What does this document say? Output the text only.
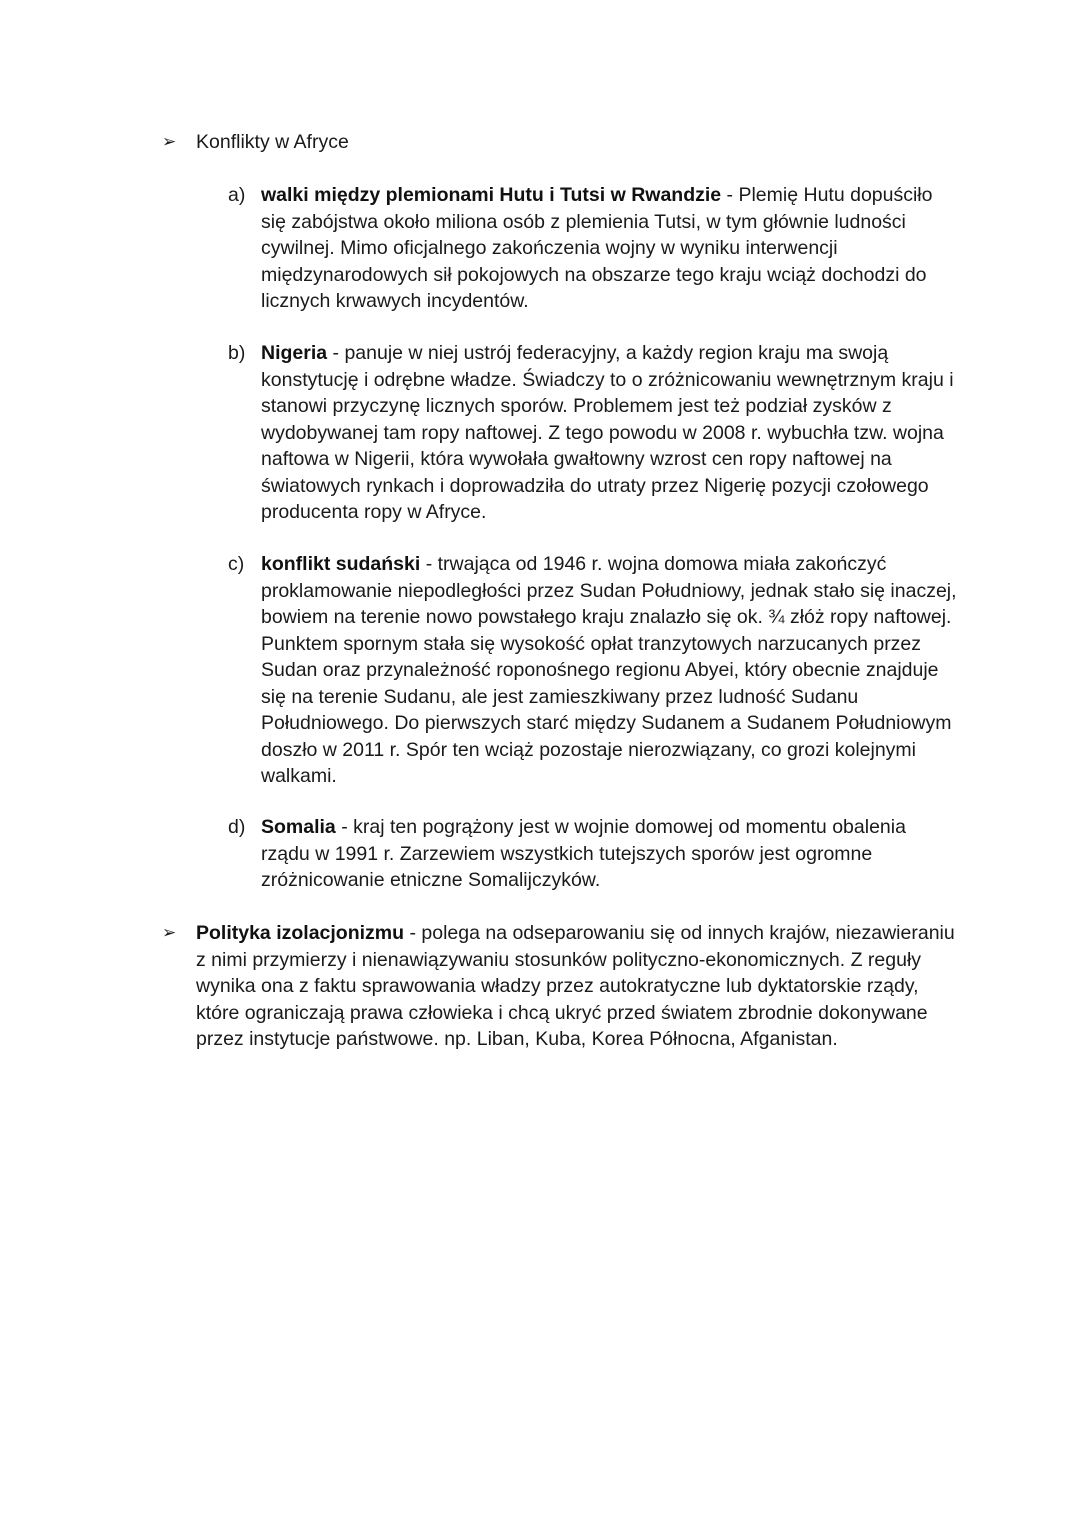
➢	Konflikty w Afryce
a) walki między plemionami Hutu i Tutsi w Rwandzie - Plemię Hutu dopuściło się zabójstwa około miliona osób z plemienia Tutsi, w tym głównie ludności cywilnej. Mimo oficjalnego zakończenia wojny w wyniku interwencji międzynarodowych sił pokojowych na obszarze tego kraju wciąż dochodzi do licznych krwawych incydentów.
b) Nigeria - panuje w niej ustrój federacyjny, a każdy region kraju ma swoją konstytucję i odrębne władze. Świadczy to o zróżnicowaniu wewnętrznym kraju i stanowi przyczynę licznych sporów. Problemem jest też podział zysków z wydobywanej tam ropy naftowej. Z tego powodu w 2008 r. wybuchła tzw. wojna naftowa w Nigerii, która wywołała gwałtowny wzrost cen ropy naftowej na światowych rynkach i doprowadziła do utraty przez Nigerię pozycji czołowego producenta ropy w Afryce.
c) konflikt sudański - trwająca od 1946 r. wojna domowa miała zakończyć proklamowanie niepodległości przez Sudan Południowy, jednak stało się inaczej, bowiem na terenie nowo powstałego kraju znalazło się ok. ¾ złóż ropy naftowej. Punktem spornym stała się wysokość opłat tranzytowych narzucanych przez Sudan oraz przynależność roponośnego regionu Abyei, który obecnie znajduje się na terenie Sudanu, ale jest zamieszkiwany przez ludność Sudanu Południowego. Do pierwszych starć między Sudanem a Sudanem Południowym doszło w 2011 r. Spór ten wciąż pozostaje nierozwiązany, co grozi kolejnymi walkami.
d) Somalia - kraj ten pogrążony jest w wojnie domowej od momentu obalenia rządu w 1991 r. Zarzewiem wszystkich tutejszych sporów jest ogromne zróżnicowanie etniczne Somalijczyków.
➢	Polityka izolacjonizmu - polega na odseparowaniu się od innych krajów, niezawieraniu z nimi przymierzy i nienawiązywaniu stosunków polityczno-ekonomicznych. Z reguły wynika ona z faktu sprawowania władzy przez autokratyczne lub dyktatorskie rządy, które ograniczają prawa człowieka i chcą ukryć przed światem zbrodnie dokonywane przez instytucje państwowe. np. Liban, Kuba, Korea Północna, Afganistan.
